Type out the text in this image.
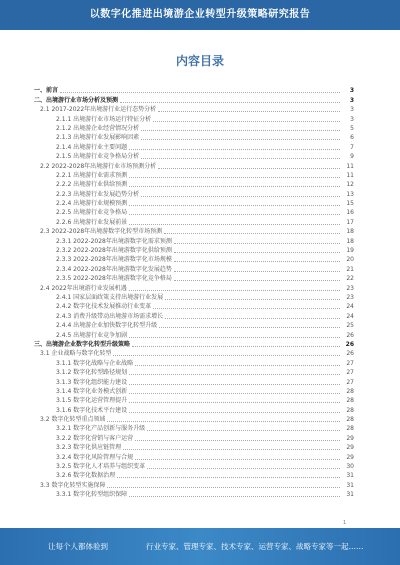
以数字化推进出境游企业转型升级策略研究报告
内容目录
一、前言	3
二、出境游行业市场分析及预测	3
2.1 2017-2022年出境游行业运行态势分析	3
2.1.1 出境游行业市场运行特征分析	3
2.1.2 出境游企业经营情况分析	5
2.1.3 出境游行业发展影响因素	6
2.1.4 出境游行业主要问题	7
2.1.5 出境游行业竞争格局分析	9
2.2 2022-2028年出境游行业市场预测分析	11
2.2.1 出境游行业需求预测	11
2.2.2 出境游行业供给预测	12
2.2.3 出境游行业发展趋势分析	13
2.2.4 出境游行业规模预测	15
2.2.5 出境游行业竞争格局	16
2.2.6 出境游行业发展前景	17
2.3 2022-2028年出境游数字化转型市场预测	18
2.3.1 2022-2028年出境游数字化需求预测	18
2.3.2 2022-2028年出境游数字化供给预测	19
2.3.3 2022-2028年出境游数字化市场规模	20
2.3.4 2022-2028年出境游数字化发展趋势	21
2.3.5 2022-2028年出境游数字化竞争格局	22
2.4 2022年出境游行业发展机遇	23
2.4.1 国家层面政策支持出境游行业发展	23
2.4.2 数字化技术发展推动行业变革	24
2.4.3 消费升级带动出境游市场需求增长	24
2.4.4 出境游企业加快数字化转型升级	25
2.4.5 出境游行业竞争加剧	26
三、出境游企业数字化转型升级策略	26
3.1 企业战略与数字化转型	26
3.1.1 数字化战略与企业战略	27
3.1.2 数字化转型路径规划	27
3.1.3 数字化组织能力建设	27
3.1.4 数字化业务模式创新	28
3.1.5 数字化运营管理提升	28
3.1.6 数字化技术平台建设	28
3.2 数字化转型重点领域	28
3.2.1 数字化产品创新与服务升级	28
3.2.2 数字化营销与客户运营	29
3.2.3 数字化供应链管理	29
3.2.4 数字化风险管理与合规	29
3.2.5 数字化人才培养与组织变革	30
3.2.6 数字化数据治理	31
3.3 数字化转型实施保障	31
3.3.1 数字化转型组织保障	31
1
让每个人都体验到	行业专家、管理专家、技术专家、运营专家、战略专家等一起……
